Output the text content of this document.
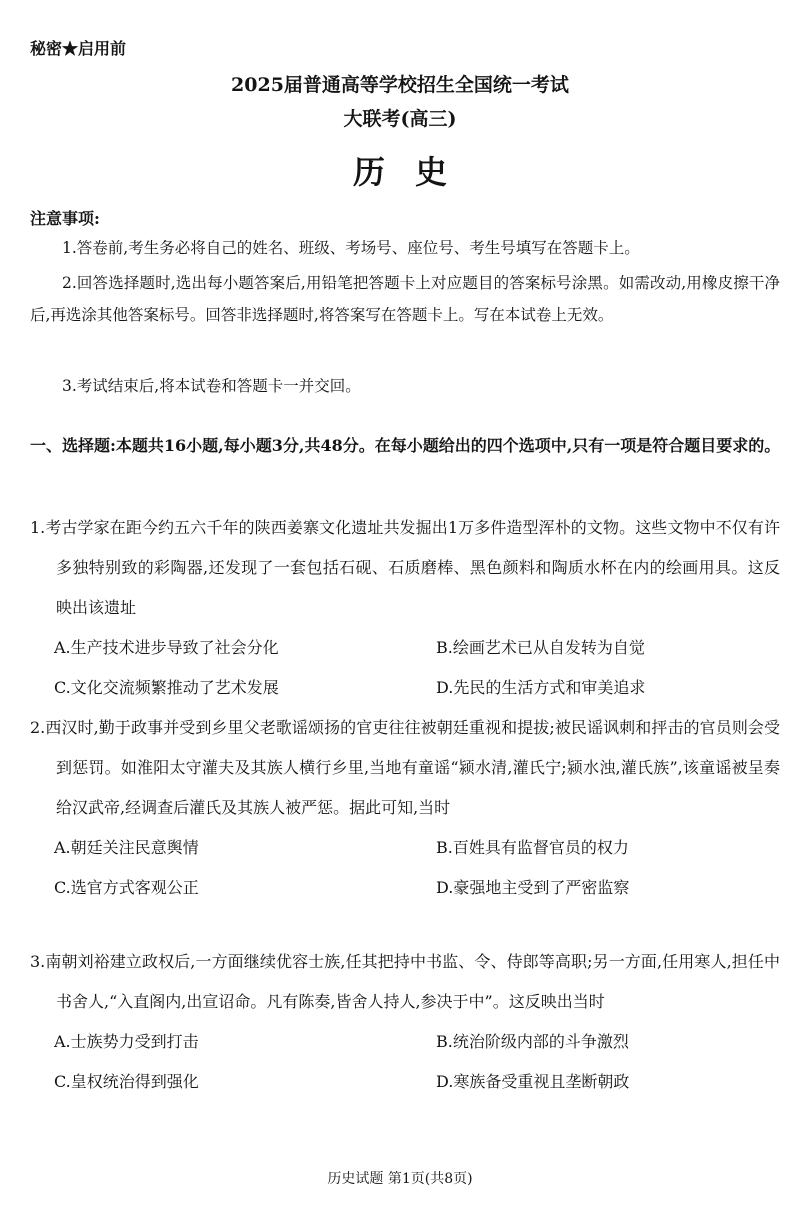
秘密★启用前
2025届普通高等学校招生全国统一考试
大联考(高三)
历史
注意事项:
1.答卷前,考生务必将自己的姓名、班级、考场号、座位号、考生号填写在答题卡上。
2.回答选择题时,选出每小题答案后,用铅笔把答题卡上对应题目的答案标号涂黑。如需改动,用橡皮擦干净后,再选涂其他答案标号。回答非选择题时,将答案写在答题卡上。写在本试卷上无效。
3.考试结束后,将本试卷和答题卡一并交回。
一、选择题:本题共16小题,每小题3分,共48分。在每小题给出的四个选项中,只有一项是符合题目要求的。
1.考古学家在距今约五六千年的陕西姜寨文化遗址共发掘出1万多件造型浑朴的文物。这些文物中不仅有许多独特别致的彩陶器,还发现了一套包括石砚、石质磨棒、黑色颜料和陶质水杯在内的绘画用具。这反映出该遗址
A.生产技术进步导致了社会分化	B.绘画艺术已从自发转为自觉
C.文化交流频繁推动了艺术发展	D.先民的生活方式和审美追求
2.西汉时,勤于政事并受到乡里父老歌谣颂扬的官吏往往被朝廷重视和提拔;被民谣讽刺和抨击的官员则会受到惩罚。如淮阳太守灌夫及其族人横行乡里,当地有童谣“颍水清,灌氏宁;颍水浊,灌氏族”,该童谣被呈奏给汉武帝,经调查后灌氏及其族人被严惩。据此可知,当时
A.朝廷关注民意舆情	B.百姓具有监督官员的权力
C.选官方式客观公正	D.豪强地主受到了严密监察
3.南朝刘裕建立政权后,一方面继续优容士族,任其把持中书监、令、侍郎等高职;另一方面,任用寒人,担任中书舍人,“入直阁内,出宣诏命。凡有陈奏,皆舍人持人,参决于中”。这反映出当时
A.士族势力受到打击	B.统治阶级内部的斗争激烈
C.皇权统治得到强化	D.寒族备受重视且垄断朝政
历史试题 第1页(共8页)
